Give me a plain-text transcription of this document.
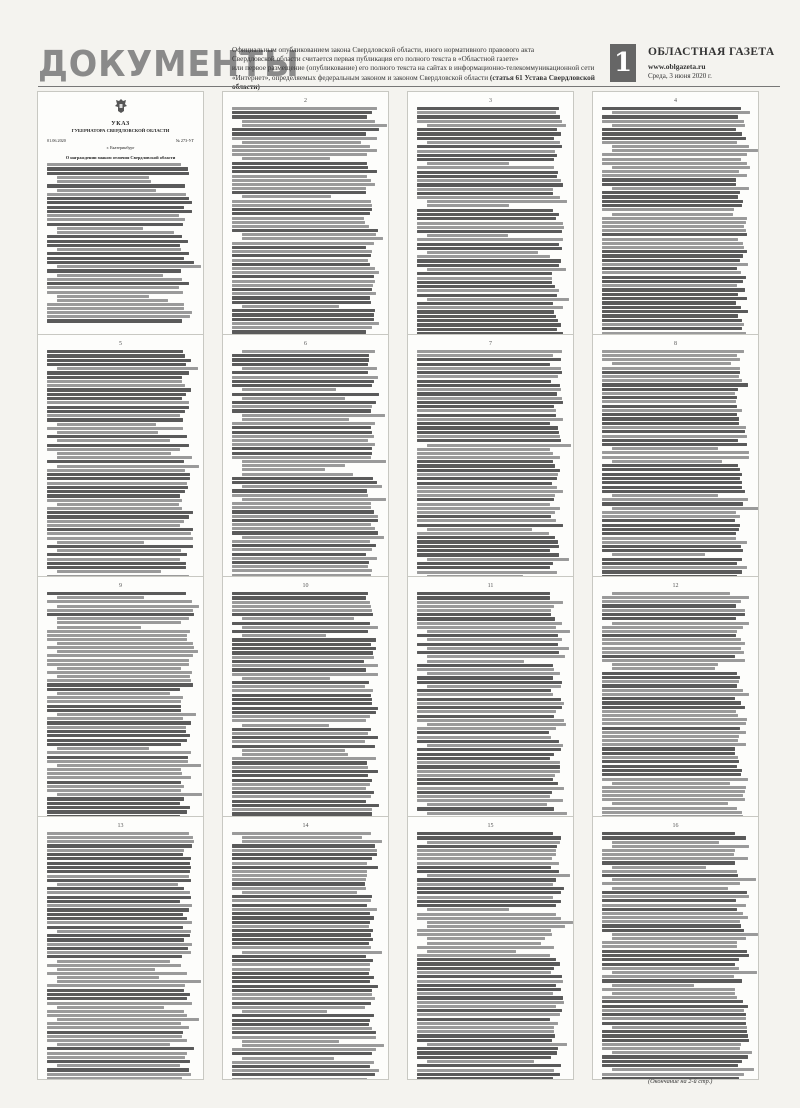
ДОКУМЕНТЫ
Официальным опубликованием закона Свердловской области, иного нормативного правового акта
Свердловской области считается первая публикация его полного текста в «Областной газете»
или первое размещение (опубликование) его полного текста на сайтах в информационно-телекоммуникационной сети
«Интернет», определяемых федеральным законом и законом Свердловской области (статья 61 Устава Свердловской 1	ОБЛАСТНАЯ ГАЗЕТА
www.oblgazeta.ru
Среда, 3 июня 2020 г.
УКАЗ
ГУБЕРНАТОРА СВЕРДЛОВСКОЙ ОБЛАСТИ
01.06.2020	№ 273-УГ
г. Екатеринбург
О награждении знаком отличия Свердловской области
2	3	4
5	6	7	8
9	10	11	12
13	14	15	16
(Окончание на 2-й стр.)
